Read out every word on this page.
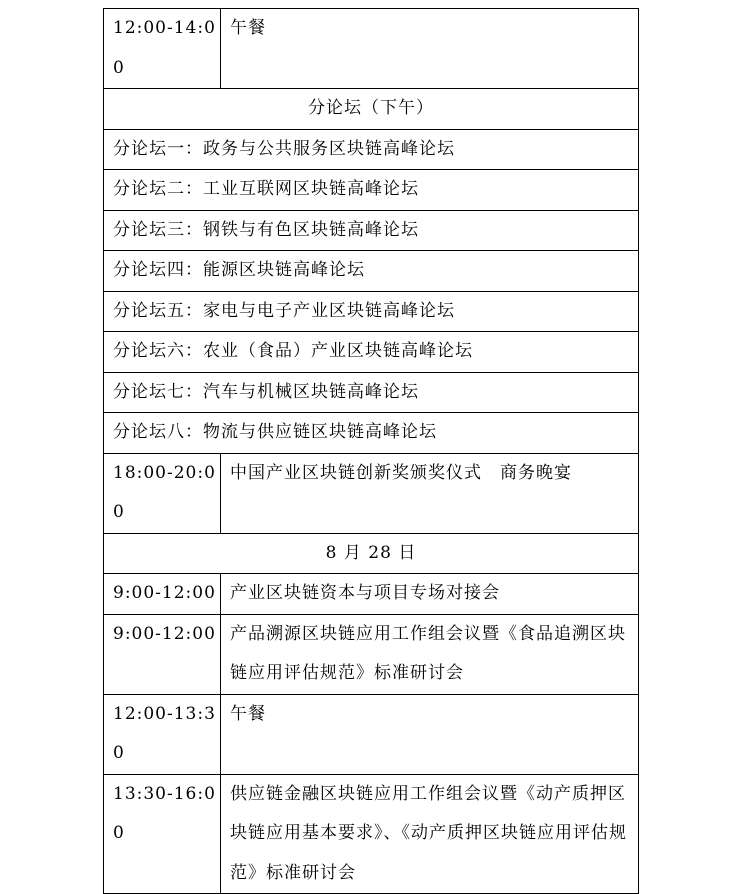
12:00-14:00	午餐
分论坛（下午）	
分论坛一：政务与公共服务区块链高峰论坛	
分论坛二：工业互联网区块链高峰论坛	
分论坛三：钢铁与有色区块链高峰论坛	
分论坛四：能源区块链高峰论坛	
分论坛五：家电与电子产业区块链高峰论坛	
分论坛六：农业（食品）产业区块链高峰论坛	
分论坛七：汽车与机械区块链高峰论坛	
分论坛八：物流与供应链区块链高峰论坛	
18:00-20:00	中国产业区块链创新奖颁奖仪式　商务晚宴
8 月 28 日	
9:00-12:00	产业区块链资本与项目专场对接会
9:00-12:00	产品溯源区块链应用工作组会议暨《食品追溯区块链应用评估规范》标准研讨会
12:00-13:30	午餐
13:30-16:00	供应链金融区块链应用工作组会议暨《动产质押区块链应用基本要求》、《动产质押区块链应用评估规范》标准研讨会
